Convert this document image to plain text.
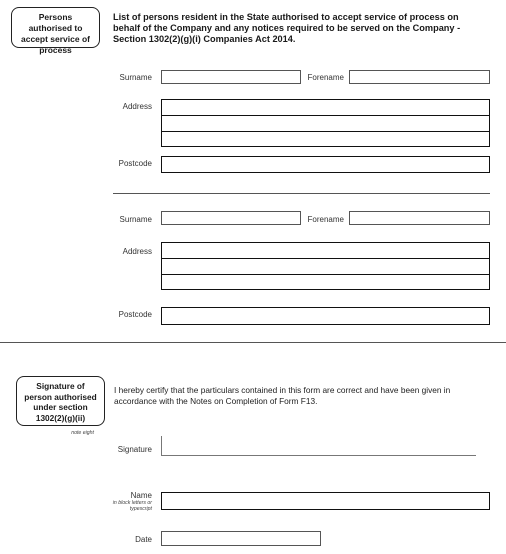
Persons authorised to accept service of process
List of persons resident in the State authorised to accept service of process on behalf of the Company and any notices required to be served on the Company - Section 1302(2)(g)(i) Companies Act 2014.
Surname	Forename
Address
Postcode
Surname	Forename
Address
Postcode
Signature of person authorised under section 1302(2)(g)(ii)
note eight
I hereby certify that the particulars contained in this form are correct and have been given in accordance with the Notes on Completion of Form F13.
Signature
Name
in block letters or typescript
Date
